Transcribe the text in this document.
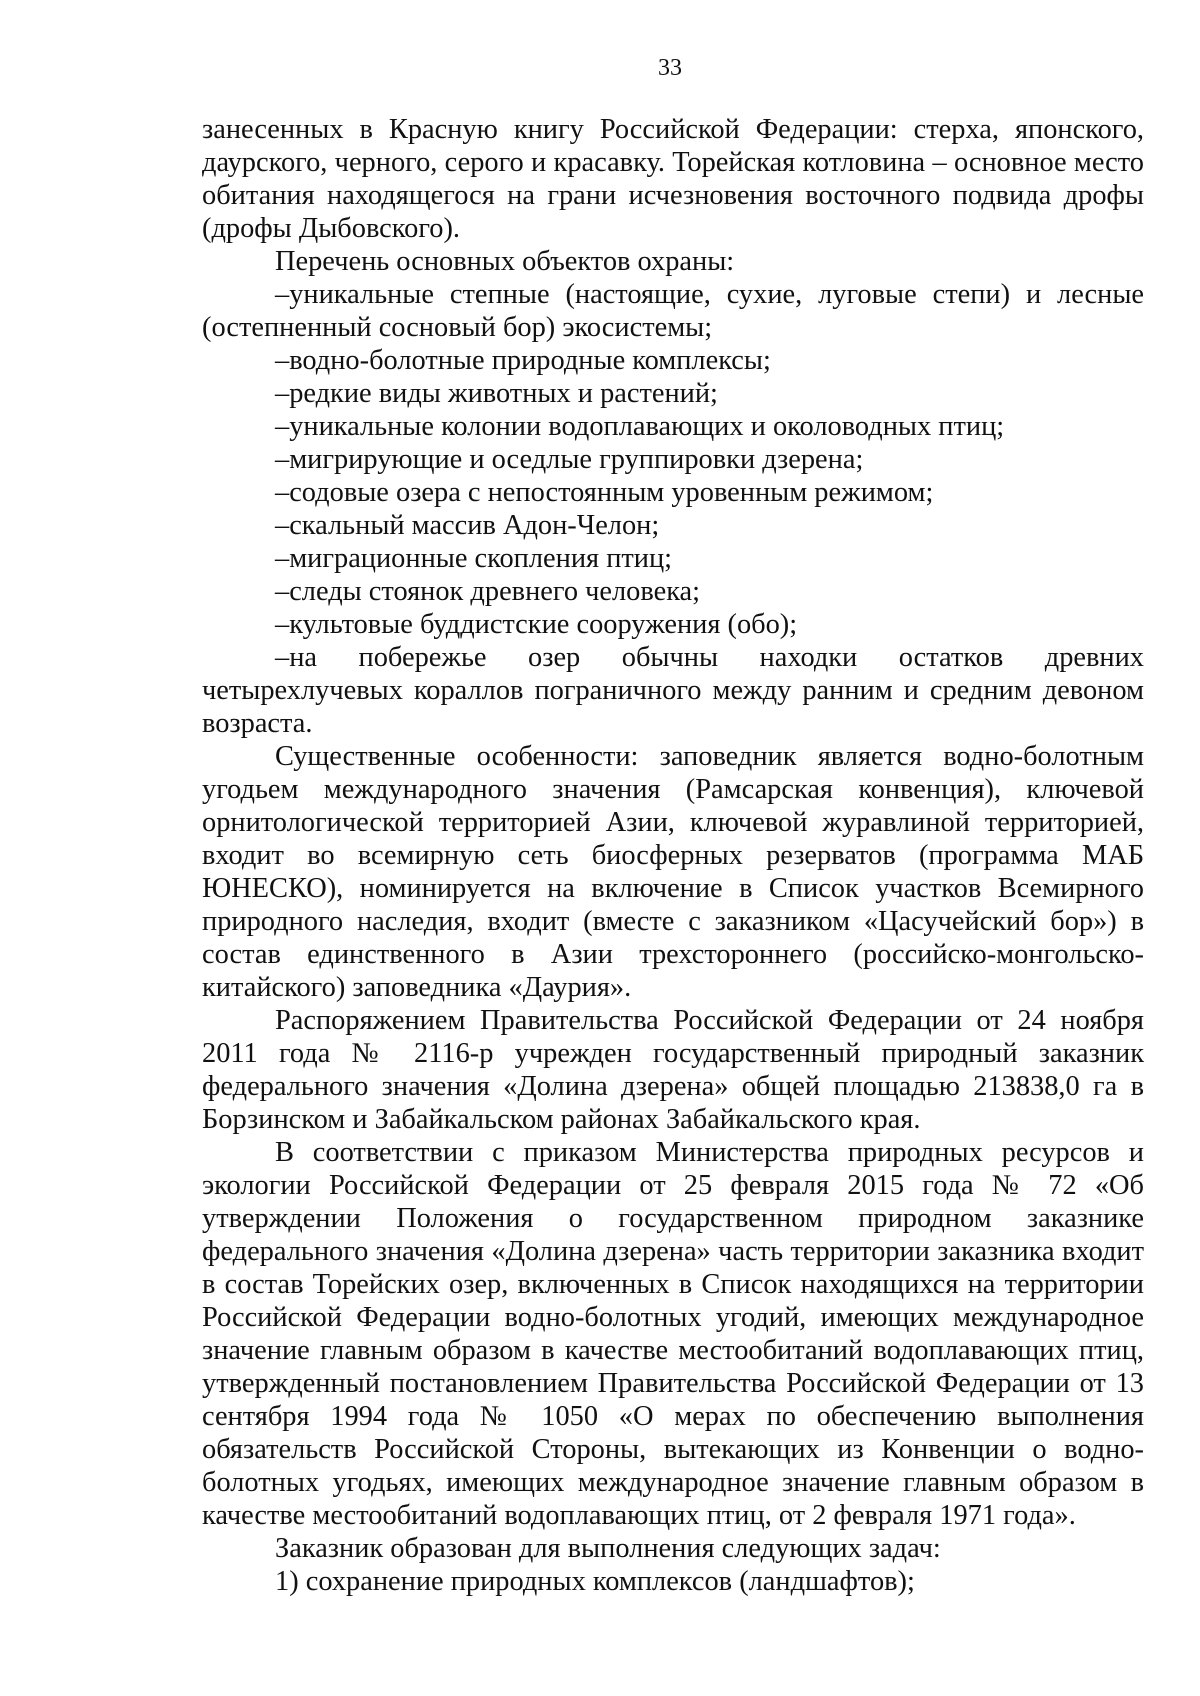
33

занесенных в Красную книгу Российской Федерации: стерха, японского, даурского, черного, серого и красавку. Торейская котловина – основное место обитания находящегося на грани исчезновения восточного подвида дрофы (дрофы Дыбовского).

Перечень основных объектов охраны:

–уникальные степные (настоящие, сухие, луговые степи) и лесные (остепненный сосновый бор) экосистемы;

–водно-болотные природные комплексы;

–редкие виды животных и растений;

–уникальные колонии водоплавающих и околоводных птиц;

–мигрирующие и оседлые группировки дзерена;

–содовые озера с непостоянным уровенным режимом;

–скальный массив Адон-Челон;

–миграционные скопления птиц;

–следы стоянок древнего человека;

–культовые буддистские сооружения (обо);

–на побережье озер обычны находки остатков древних четырехлучевых кораллов пограничного между ранним и средним девоном возраста.

Существенные особенности: заповедник является водно-болотным угодьем международного значения (Рамсарская конвенция), ключевой орнитологической территорией Азии, ключевой журавлиной территорией, входит во всемирную сеть биосферных резерватов (программа МАБ ЮНЕСКО), номинируется на включение в Список участков Всемирного природного наследия, входит (вместе с заказником «Цасучейский бор») в состав единственного в Азии трехстороннего (российско-монгольско-китайского) заповедника «Даурия».

Распоряжением Правительства Российской Федерации от 24 ноября 2011 года № 2116-р учрежден государственный природный заказник федерального значения «Долина дзерена» общей площадью 213838,0 га в Борзинском и Забайкальском районах Забайкальского края.

В соответствии с приказом Министерства природных ресурсов и экологии Российской Федерации от 25 февраля 2015 года № 72 «Об утверждении Положения о государственном природном заказнике федерального значения «Долина дзерена» часть территории заказника входит в состав Торейских озер, включенных в Список находящихся на территории Российской Федерации водно-болотных угодий, имеющих международное значение главным образом в качестве местообитаний водоплавающих птиц, утвержденный постановлением Правительства Российской Федерации от 13 сентября 1994 года № 1050 «О мерах по обеспечению выполнения обязательств Российской Стороны, вытекающих из Конвенции о водно-болотных угодьях, имеющих международное значение главным образом в качестве местообитаний водоплавающих птиц, от 2 февраля 1971 года».

Заказник образован для выполнения следующих задач:

1) сохранение природных комплексов (ландшафтов);
